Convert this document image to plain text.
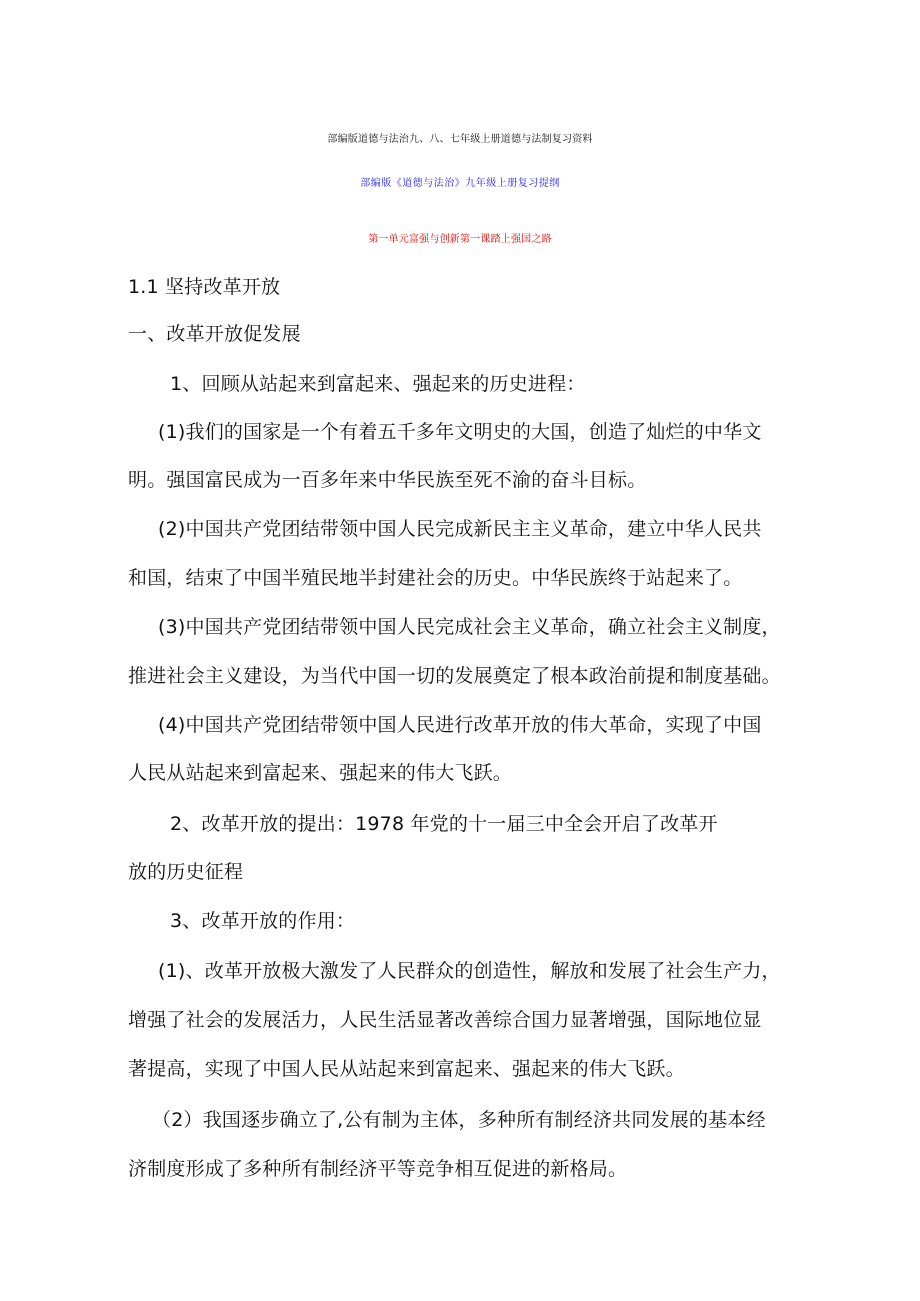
部编版道德与法治九、八、七年级上册道德与法制复习资料
部编版《道德与法治》九年级上册复习提纲
第一单元富强与创新第一课踏上强国之路
1.1 坚持改革开放
一、改革开放促发展
1、回顾从站起来到富起来、强起来的历史进程：
(1)我们的国家是一个有着五千多年文明史的大国，创造了灿烂的中华文
明。强国富民成为一百多年来中华民族至死不渝的奋斗目标。
(2)中国共产党团结带领中国人民完成新民主主义革命，建立中华人民共
和国，结束了中国半殖民地半封建社会的历史。中华民族终于站起来了。
(3)中国共产党团结带领中国人民完成社会主义革命，确立社会主义制度，
推进社会主义建设，为当代中国一切的发展奠定了根本政治前提和制度基础。
(4)中国共产党团结带领中国人民进行改革开放的伟大革命，实现了中国
人民从站起来到富起来、强起来的伟大飞跃。
2、改革开放的提出：1978 年党的十一届三中全会开启了改革开
放的历史征程
3、改革开放的作用：
(1)、改革开放极大激发了人民群众的创造性，解放和发展了社会生产力，
增强了社会的发展活力，人民生活显著改善综合国力显著增强，国际地位显
著提高，实现了中国人民从站起来到富起来、强起来的伟大飞跃。
（2）我国逐步确立了,公有制为主体，多种所有制经济共同发展的基本经
济制度形成了多种所有制经济平等竞争相互促进的新格局。
